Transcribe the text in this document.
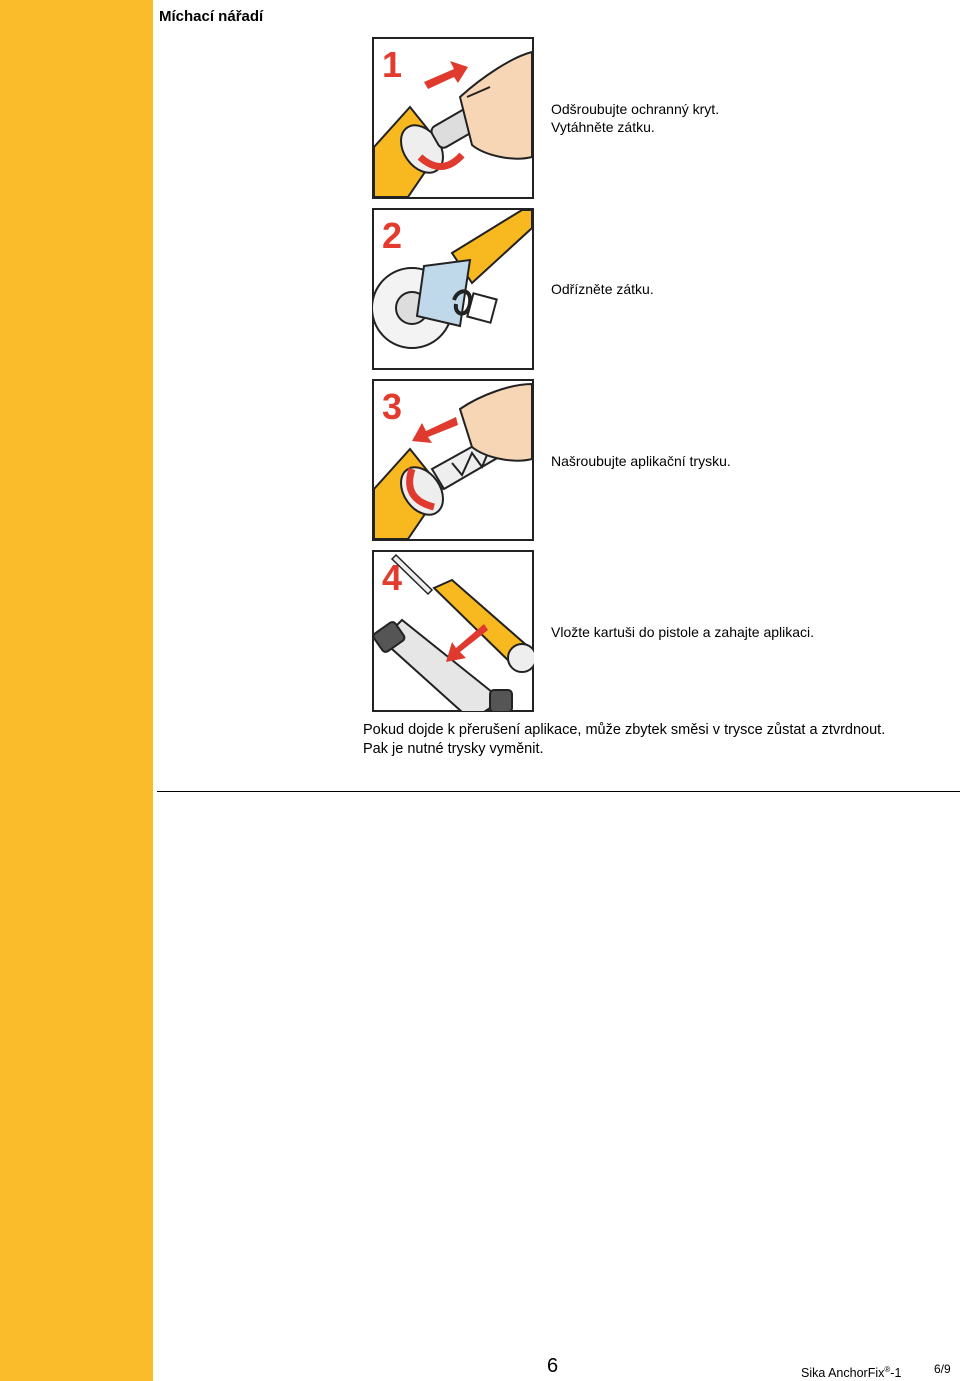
Míchací nářadí
1
Odšroubujte ochranný kryt.
Vytáhněte zátku.
2
Odřízněte zátku.
3
Našroubujte aplikační trysku.
4
Vložte kartuši do pistole a zahajte aplikaci.
Pokud dojde k přerušení aplikace, může zbytek směsi v trysce zůstat a ztvrdnout.
Pak je nutné trysky vyměnit.
6	Sika AnchorFix®-1	6/9
